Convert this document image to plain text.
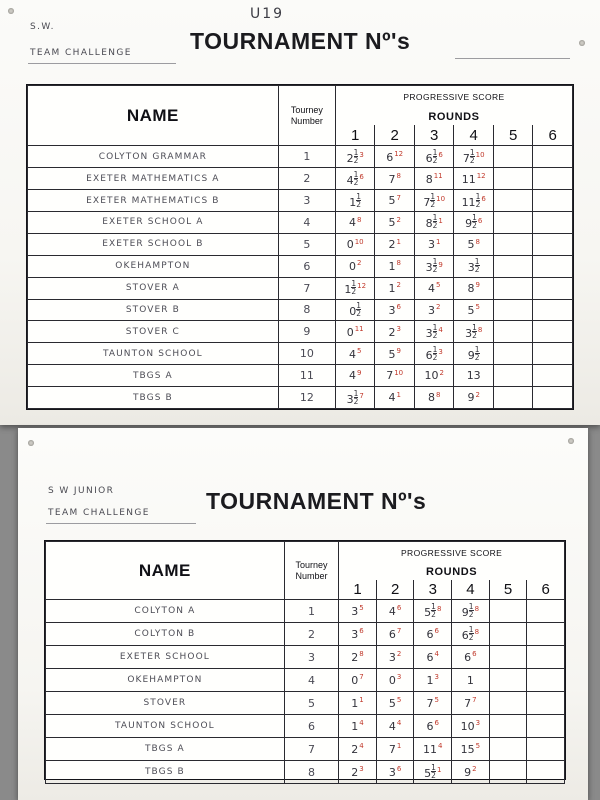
S.W.
TEAM CHALLENGE
U19
TOURNAMENT Nº's
NAME	Tourney
Number	PROGRESSIVE SCORE					
		ROUNDS					
		1	2	3	4	5	6
COLYTON GRAMMAR	1	$2 \frac{1}{2} ^3$	$6^{12}$	$6 \frac{1}{2} ^6$	$7 \frac{1}{2} ^{10}$		
EXETER MATHEMATICS A	2	$4 \frac{1}{2} ^6$	$7^8$	$8^{11}$	$11^{12}$		
EXETER MATHEMATICS B	3	$1 \frac{1}{2}$	$5^7$	$7 \frac{1}{2} ^{10}$	$11 \frac{1}{2} ^6$		
EXETER SCHOOL A	4	$4^8$	$5^2$	$8 \frac{1}{2} ^1$	$9 \frac{1}{2} ^6$		
EXETER SCHOOL B	5	$0^{10}$	$2^1$	$3^1$	$5^8$		
OKEHAMPTON	6	$0^2$	$1^8$	$3 \frac{1}{2} ^9$	$3 \frac{1}{2}$

STOVER A	7	$1 \frac{1}{2} ^{12}$	$1^2$	$4^5$	$8^9$		
STOVER B	8	$0 \frac{1}{2}$	$3^6$	$3^2$	$5^5$		
STOVER C	9	$0^{11}$	$2^3$	$3 \frac{1}{2} ^4$	$3 \frac{1}{2} ^8$		
TAUNTON SCHOOL	10	$4^5$	$5^9$	$6 \frac{1}{2} ^3$	$9 \frac{1}{2}$

TBGS A	11	$4^9$	$7^{10}$	$10^2$	13		
TBGS B	12	$3 \frac{1}{2} ^7$	$4^1$	$8^8$	$9^2$		
S W JUNIOR
TEAM CHALLENGE TOURNAMENT Nº's
NAME	Tourney
Number	PROGRESSIVE SCORE					
		ROUNDS					
		1	2	3	4	5	6
COLYTON A	1	$3^5$	$4^6$	$5 \frac{1}{2} ^8$	$9 \frac{1}{2} ^8$		
COLYTON B	2	$3^6$	$6^7$	$6^6$	$6 \frac{1}{2} ^8$		
EXETER SCHOOL	3	$2^8$	$3^2$	$6^4$	$6^6$		
OKEHAMPTON	4	$0^7$	$0^3$	$1^3$	1		
STOVER	5	$1^1$	$5^5$	$7^5$	$7^7$		
TAUNTON SCHOOL	6	$1^4$	$4^4$	$6^6$	$10^3$		
TBGS A	7	$2^4$	$7^1$	$11^4$	$15^5$		
TBGS B	8	$2^3$	$3^6$	$5 \frac{1}{2} ^1$	$9^2$		
